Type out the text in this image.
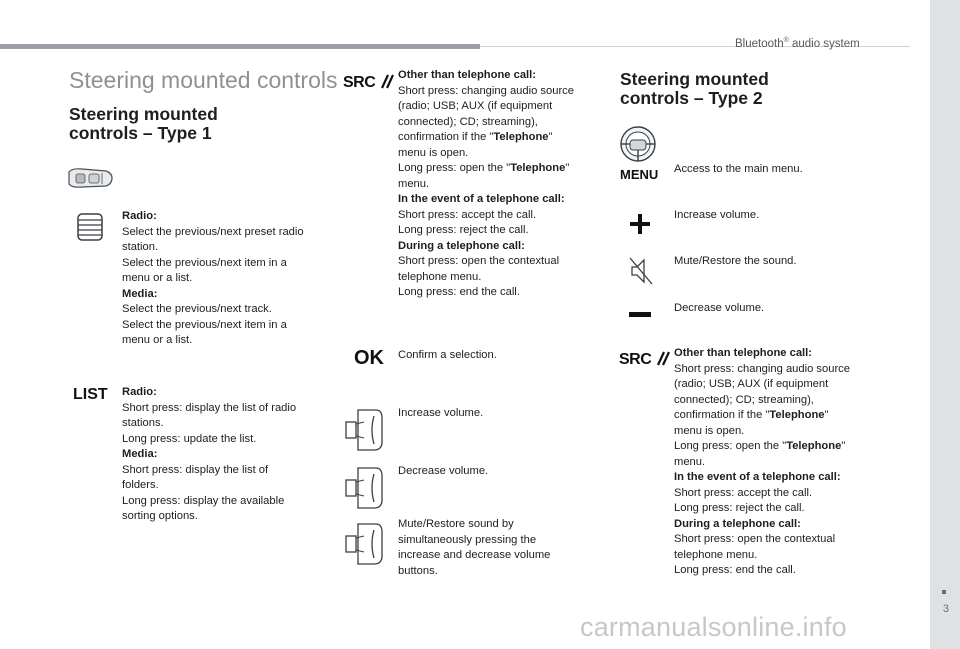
Bluetooth® audio system
Steering mounted controls
Steering mounted
controls – Type 1
Radio:
Select the previous/next preset radio
station.
Select the previous/next item in a
menu or a list.
Media:
Select the previous/next track.
Select the previous/next item in a
menu or a list.
LIST Radio:
Short press: display the list of radio
stations.
Long press: update the list.
Media:
Short press: display the list of
folders.
Long press: display the available
sorting options.
SRC	Other than telephone call:
Short press: changing audio source
(radio; USB; AUX (if equipment
connected); CD; streaming),
confirmation if the "Telephone"
menu is open.
Long press: open the "Telephone"
menu.
In the event of a telephone call:
Short press: accept the call.
Long press: reject the call.
During a telephone call:
Short press: open the contextual
telephone menu.
Long press: end the call.
OK Confirm a selection.
Increase volume.
Decrease volume.
Mute/Restore sound by
simultaneously pressing the
increase and decrease volume
buttons.
Steering mounted
controls – Type 2
MENU Access to the main menu.
Increase volume.
Mute/Restore the sound.
Decrease volume.
SRC	Other than telephone call:
Short press: changing audio source
(radio; USB; AUX (if equipment
connected); CD; streaming),
confirmation if the "Telephone"
menu is open.
Long press: open the "Telephone"
menu.
In the event of a telephone call:
Short press: accept the call.
Long press: reject the call.
During a telephone call:
Short press: open the contextual
telephone menu.
Long press: end the call.
3
carmanualsonline.info
